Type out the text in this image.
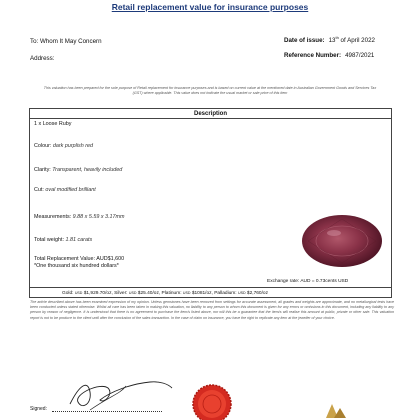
Retail replacement value for insurance purposes
To: Whom It May Concern
Address:
Date of issue: 13th of April 2022
Reference Number: 4987/2021
This valuation has been prepared for the sole purpose of Retail replacement for insurance purposes and is based on current value at the mentioned date in Australian Government Goods and Services Tax (GST) where applicable. This value does not indicate the usual market or sale price of this item
Description
1 x Loose Ruby
Colour: dark purplish red
Clarity: Transparent, heavily included
Cut: oval modified brilliant
Measurements: 9.88 x 5.59 x 3.17mm
Total weight: 1.81 carats
Total Replacement Value: AUD$1,600
*One thousand six hundred dollars*
Exchange rate: AUD = 0.73cents USD
Gold: USD $1,929.70/oz, Silver: USD $25.40/oz, Platinum: USD $1081/oz, Palladium: USD $2,760/oz
The article described above has been examined expression of my opinion. Unless gemstones have been removed from settings for accurate assessment, all grades and weights are approximate, and no metallurgical tests have been conducted unless stated otherwise. Whilst all care has been taken in making this valuation, no liability to any person to whom this document is given for any errors or omissions in this document, including any liability to any person by reason of negligence. It is understood that there is no agreement to purchase the item/s listed above, nor will this be a guarantee that the item/s will realise this amount at public, private or other sale. This valuation report is not to be produce to the client until after the conclusion of the sales transaction. In the case of claim on insurance, you have the right to replicate any item at the jeweller of your choice.
Signed:
